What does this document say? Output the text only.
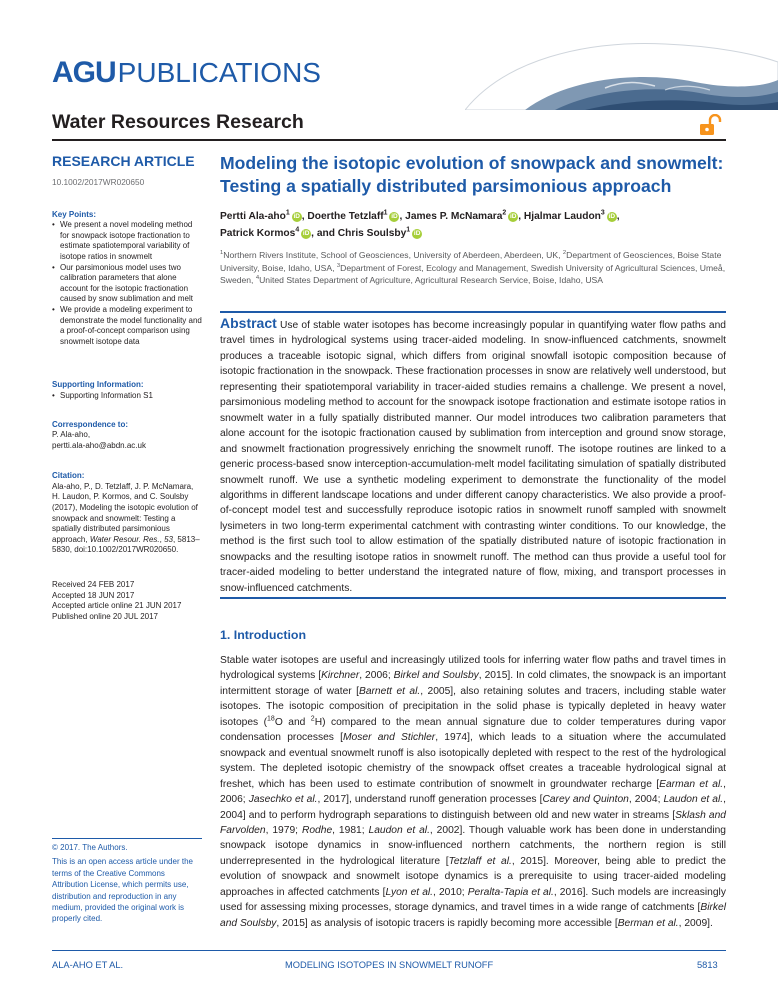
AGU PUBLICATIONS
Water Resources Research
RESEARCH ARTICLE
10.1002/2017WR020650
Key Points:
• We present a novel modeling method for snowpack isotope fractionation to estimate spatiotemporal variability of isotope ratios in snowmelt
• Our parsimonious model uses two calibration parameters that alone account for the isotopic fractionation caused by snow sublimation and melt
• We provide a modeling experiment to demonstrate the model functionality and a proof-of-concept comparison using snowmelt isotope data
Supporting Information:
• Supporting Information S1
Correspondence to:
P. Ala-aho,
pertti.ala-aho@abdn.ac.uk
Citation:
Ala-aho, P., D. Tetzlaff, J. P. McNamara, H. Laudon, P. Kormos, and C. Soulsby (2017), Modeling the isotopic evolution of snowpack and snowmelt: Testing a spatially distributed parsimonious approach, Water Resour. Res., 53, 5813–5830, doi:10.1002/2017WR020650.
Received 24 FEB 2017
Accepted 18 JUN 2017
Accepted article online 21 JUN 2017
Published online 20 JUL 2017
© 2017. The Authors.
This is an open access article under the terms of the Creative Commons Attribution License, which permits use, distribution and reproduction in any medium, provided the original work is properly cited.
Modeling the isotopic evolution of snowpack and snowmelt:
Testing a spatially distributed parsimonious approach
Pertti Ala-aho$^1$ iD , Doerthe Tetzlaff$^1$ iD , James P. McNamara$^2$ iD , Hjalmar Laudon$^3$ iD ,
Patrick Kormos$^4$ iD , and Chris Soulsby$^1$ iD
$^1$Northern Rivers Institute, School of Geosciences, University of Aberdeen, Aberdeen, UK, $^2$Department of Geosciences, Boise State University, Boise, Idaho, USA, $^3$Department of Forest, Ecology and Management, Swedish University of Agricultural Sciences, Umeå, Sweden, $^4$United States Department of Agriculture, Agricultural Research Service, Boise, Idaho, USA
Abstract Use of stable water isotopes has become increasingly popular in quantifying water flow paths and travel times in hydrological systems using tracer-aided modeling. In snow-influenced catchments, snowmelt produces a traceable isotopic signal, which differs from original snowfall isotopic composition because of isotopic fractionation in the snowpack. These fractionation processes in snow are relatively well understood, but representing their spatiotemporal variability in tracer-aided studies remains a challenge. We present a novel, parsimonious modeling method to account for the snowpack isotope fractionation and estimate isotope ratios in snowmelt water in a fully spatially distributed manner. Our model introduces two calibration parameters that alone account for the isotopic fractionation caused by sublimation from interception and ground snow storage, and snowmelt fractionation progressively enriching the snowmelt runoff. The isotope routines are linked to a generic process-based snow interception-accumulation-melt model facilitating simulation of spatially distributed snowmelt runoff. We use a synthetic modeling experiment to demonstrate the functionality of the model algorithms in different landscape locations and under different canopy characteristics. We also provide a proof-of-concept model test and successfully reproduce isotopic ratios in snowmelt runoff sampled with snowmelt lysimeters in two long-term experimental catchment with contrasting winter conditions. To our knowledge, the method is the first such tool to allow estimation of the spatially distributed nature of isotopic fractionation in snowpacks and the resulting isotope ratios in snowmelt runoff. The method can thus provide a useful tool for tracer-aided modeling to better understand the integrated nature of flow, mixing, and transport processes in snow-influenced catchments.
1. Introduction
Stable water isotopes are useful and increasingly utilized tools for inferring water flow paths and travel times in hydrological systems [Kirchner, 2006; Birkel and Soulsby, 2015]. In cold climates, the snowpack is an important intermittent storage of water [Barnett et al., 2005], also retaining solutes and tracers, including stable water isotopes. The isotopic composition of precipitation in the solid phase is typically depleted in heavy water isotopes ($^{18}$O and $^2$H) compared to the mean annual signature due to colder temperatures during vapor condensation processes [Moser and Stichler, 1974], which leads to a situation where the accumulated snowpack and eventual snowmelt runoff is also isotopically depleted with respect to the rest of the hydrological system. The depleted isotopic chemistry of the snowpack offset creates a traceable hydrological signal at freshet, which has been used to estimate contribution of snowmelt in groundwater recharge [Earman et al., 2006; Jasechko et al., 2017], understand runoff generation processes [Carey and Quinton, 2004; Laudon et al., 2004] and to perform hydrograph separations to distinguish between old and new water in streams [Sklash and Farvolden, 1979; Rodhe, 1981; Laudon et al., 2002]. Though valuable work has been done in understanding snowpack isotope dynamics in snow-influenced northern catchments, the northern region is still underrepresented in the hydrological literature [Tetzlaff et al., 2015]. Moreover, being able to predict the evolution of snowpack and snowmelt isotope dynamics is a prerequisite to using tracer-aided modeling approaches in affected catchments [Lyon et al., 2010; Peralta-Tapia et al., 2016]. Such models are increasingly used for assessing mixing processes, storage dynamics, and travel times in a wide range of catchments [Birkel and Soulsby, 2015] as analysis of isotopic tracers is rapidly becoming more accessible [Berman et al., 2009].
ALA-AHO ET AL.	MODELING ISOTOPES IN SNOWMELT RUNOFF	5813
